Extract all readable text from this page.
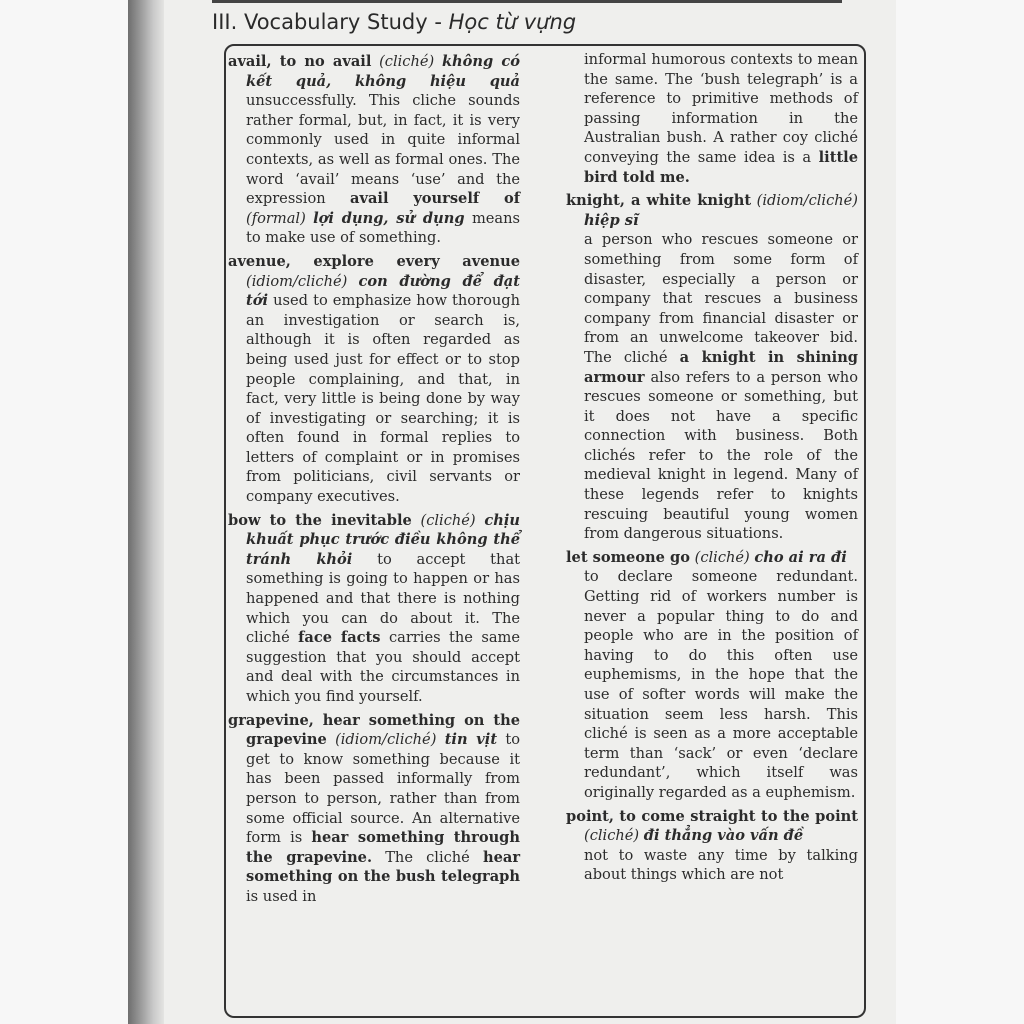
III. Vocabulary Study - Học từ vựng
avail, to no avail (cliché) không có kết quả, không hiệu quả unsuccessfully. This cliche sounds rather formal, but, in fact, it is very commonly used in quite informal contexts, as well as formal ones. The word ‘avail’ means ‘use’ and the expression avail yourself of (formal) lợi dụng, sử dụng means to make use of something.
avenue, explore every avenue (idiom/cliché) con đường để đạt tới used to emphasize how thorough an investigation or search is, although it is often regarded as being used just for effect or to stop people complaining, and that, in fact, very little is being done by way of investigating or searching; it is often found in formal replies to letters of complaint or in promises from politicians, civil servants or company executives.
bow to the inevitable (cliché) chịu khuất phục trước điều không thể tránh khỏi to accept that something is going to happen or has happened and that there is nothing which you can do about it. The cliché face facts carries the same suggestion that you should accept and deal with the circumstances in which you find yourself.
grapevine, hear something on the grapevine (idiom/cliché) tin vịt to get to know something because it has been passed informally from person to person, rather than from some official source. An alternative form is hear something through the grapevine. The cliché hear something on the bush telegraph is used in
informal humorous contexts to mean the same. The ‘bush telegraph’ is a reference to primitive methods of passing information in the Australian bush. A rather coy cliché conveying the same idea is a little bird told me.
knight, a white knight (idiom/cliché) hiệp sĩ
a person who rescues someone or something from some form of disaster, especially a person or company that rescues a business company from financial disaster or from an unwelcome takeover bid. The cliché a knight in shining armour also refers to a person who rescues someone or something, but it does not have a specific connection with business. Both clichés refer to the role of the medieval knight in legend. Many of these legends refer to knights rescuing beautiful young women from dangerous situations.
let someone go (cliché) cho ai ra đi
to declare someone redundant. Getting rid of workers number is never a popular thing to do and people who are in the position of having to do this often use euphemisms, in the hope that the use of softer words will make the situation seem less harsh. This cliché is seen as a more acceptable term than ‘sack’ or even ‘declare redundant’, which itself was originally regarded as a euphemism.
point, to come straight to the point (cliché) đi thẳng vào vấn đề
not to waste any time by talking about things which are not
